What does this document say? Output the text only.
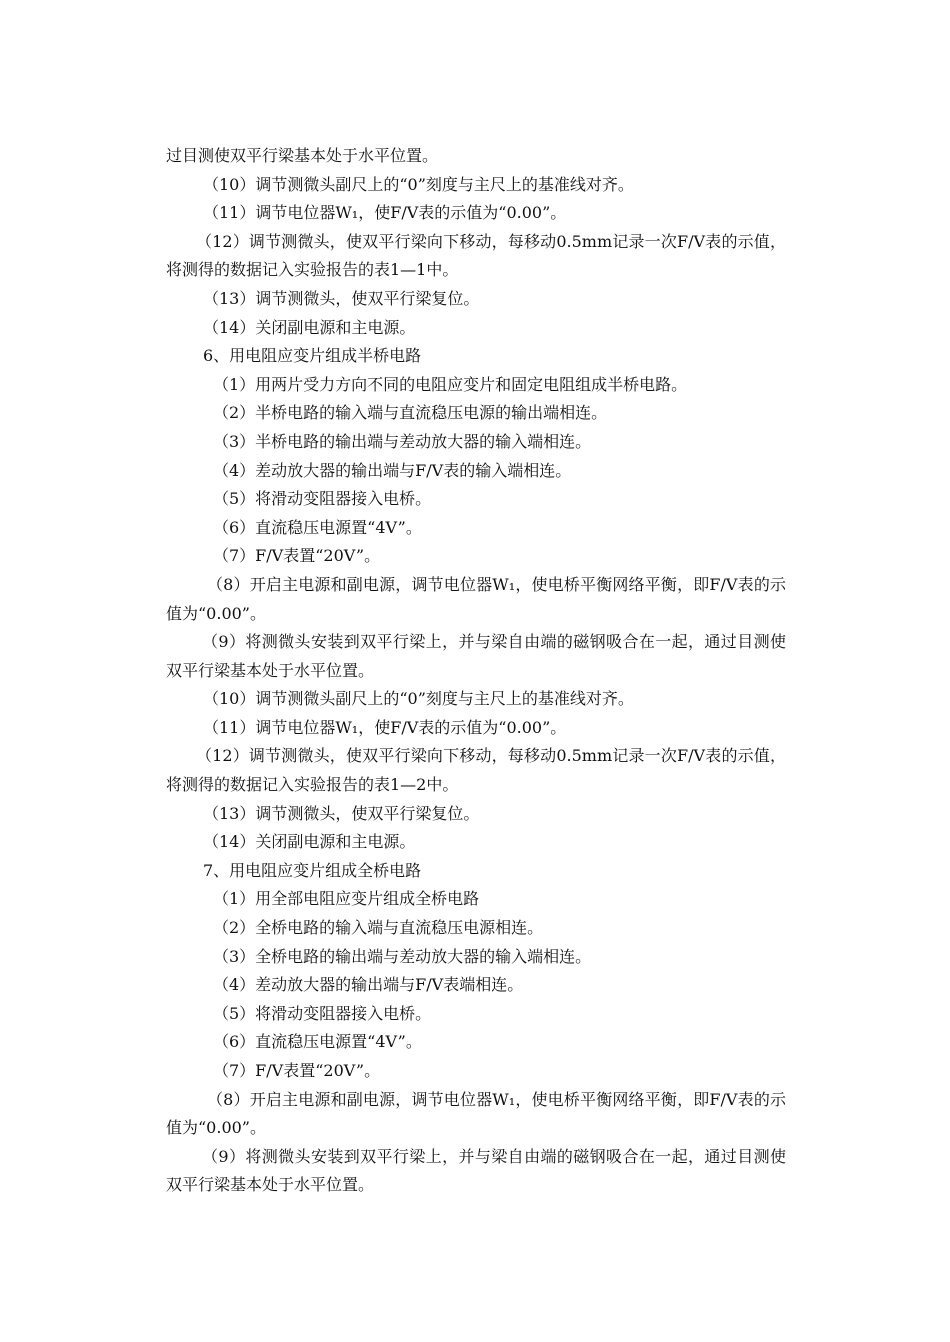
过目测使双平行梁基本处于水平位置。

（10）调节测微头副尺上的“0”刻度与主尺上的基准线对齐。

（11）调节电位器W₁，使F/V表的示值为“0.00”。

（12）调节测微头，使双平行梁向下移动，每移动0.5mm记录一次F/V表的示值，将测得的数据记入实验报告的表1—1中。

（13）调节测微头，使双平行梁复位。

（14）关闭副电源和主电源。

6、用电阻应变片组成半桥电路

（1）用两片受力方向不同的电阻应变片和固定电阻组成半桥电路。

（2）半桥电路的输入端与直流稳压电源的输出端相连。

（3）半桥电路的输出端与差动放大器的输入端相连。

（4）差动放大器的输出端与F/V表的输入端相连。

（5）将滑动变阻器接入电桥。

（6）直流稳压电源置“4V”。

（7）F/V表置“20V”。

（8）开启主电源和副电源，调节电位器W₁，使电桥平衡网络平衡，即F/V表的示值为“0.00”。

（9）将测微头安装到双平行梁上，并与梁自由端的磁钢吸合在一起，通过目测使双平行梁基本处于水平位置。

（10）调节测微头副尺上的“0”刻度与主尺上的基准线对齐。

（11）调节电位器W₁，使F/V表的示值为“0.00”。

（12）调节测微头，使双平行梁向下移动，每移动0.5mm记录一次F/V表的示值，将测得的数据记入实验报告的表1—2中。

（13）调节测微头，使双平行梁复位。

（14）关闭副电源和主电源。

7、用电阻应变片组成全桥电路

（1）用全部电阻应变片组成全桥电路

（2）全桥电路的输入端与直流稳压电源相连。

（3）全桥电路的输出端与差动放大器的输入端相连。

（4）差动放大器的输出端与F/V表端相连。

（5）将滑动变阻器接入电桥。

（6）直流稳压电源置“4V”。

（7）F/V表置“20V”。

（8）开启主电源和副电源，调节电位器W₁，使电桥平衡网络平衡，即F/V表的示值为“0.00”。

（9）将测微头安装到双平行梁上，并与梁自由端的磁钢吸合在一起，通过目测使双平行梁基本处于水平位置。
